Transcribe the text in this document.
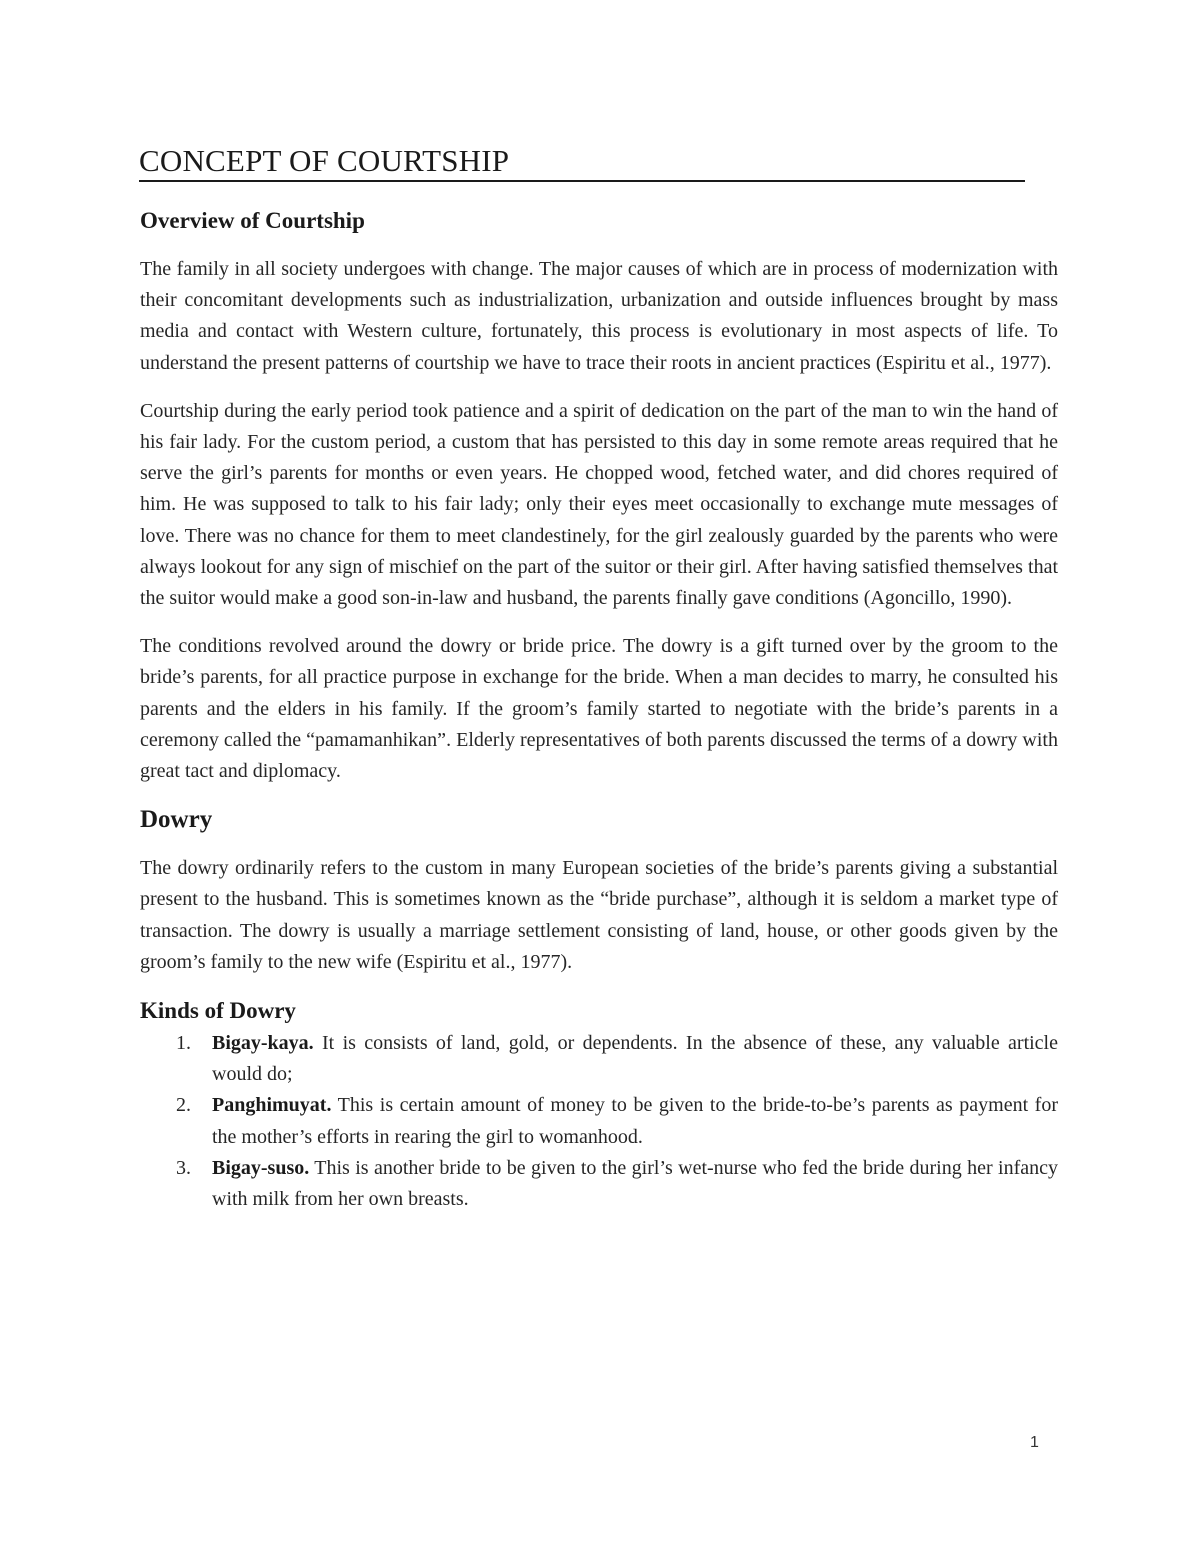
CONCEPT OF COURTSHIP
Overview of Courtship

The family in all society undergoes with change. The major causes of which are in process of modernization with their concomitant developments such as industrialization, urbanization and outside influences brought by mass media and contact with Western culture, fortunately, this process is evolutionary in most aspects of life. To understand the present patterns of courtship we have to trace their roots in ancient practices (Espiritu et al., 1977).

Courtship during the early period took patience and a spirit of dedication on the part of the man to win the hand of his fair lady. For the custom period, a custom that has persisted to this day in some remote areas required that he serve the girl’s parents for months or even years. He chopped wood, fetched water, and did chores required of him. He was supposed to talk to his fair lady; only their eyes meet occasionally to exchange mute messages of love. There was no chance for them to meet clandestinely, for the girl zealously guarded by the parents who were always lookout for any sign of mischief on the part of the suitor or their girl. After having satisfied themselves that the suitor would make a good son-in-law and husband, the parents finally gave conditions (Agoncillo, 1990).

The conditions revolved around the dowry or bride price. The dowry is a gift turned over by the groom to the bride’s parents, for all practice purpose in exchange for the bride. When a man decides to marry, he consulted his parents and the elders in his family. If the groom’s family started to negotiate with the bride’s parents in a ceremony called the “pamamanhikan”. Elderly representatives of both parents discussed the terms of a dowry with great tact and diplomacy.

Dowry

The dowry ordinarily refers to the custom in many European societies of the bride’s parents giving a substantial present to the husband. This is sometimes known as the “bride purchase”, although it is seldom a market type of transaction. The dowry is usually a marriage settlement consisting of land, house, or other goods given by the groom’s family to the new wife (Espiritu et al., 1977).

Kinds of Dowry
1. Bigay-kaya. It is consists of land, gold, or dependents. In the absence of these, any valuable article would do;
2. Panghimuyat. This is certain amount of money to be given to the bride-to-be’s parents as payment for the mother’s efforts in rearing the girl to womanhood.
3. Bigay-suso. This is another bride to be given to the girl’s wet-nurse who fed the bride during her infancy with milk from her own breasts.
1
